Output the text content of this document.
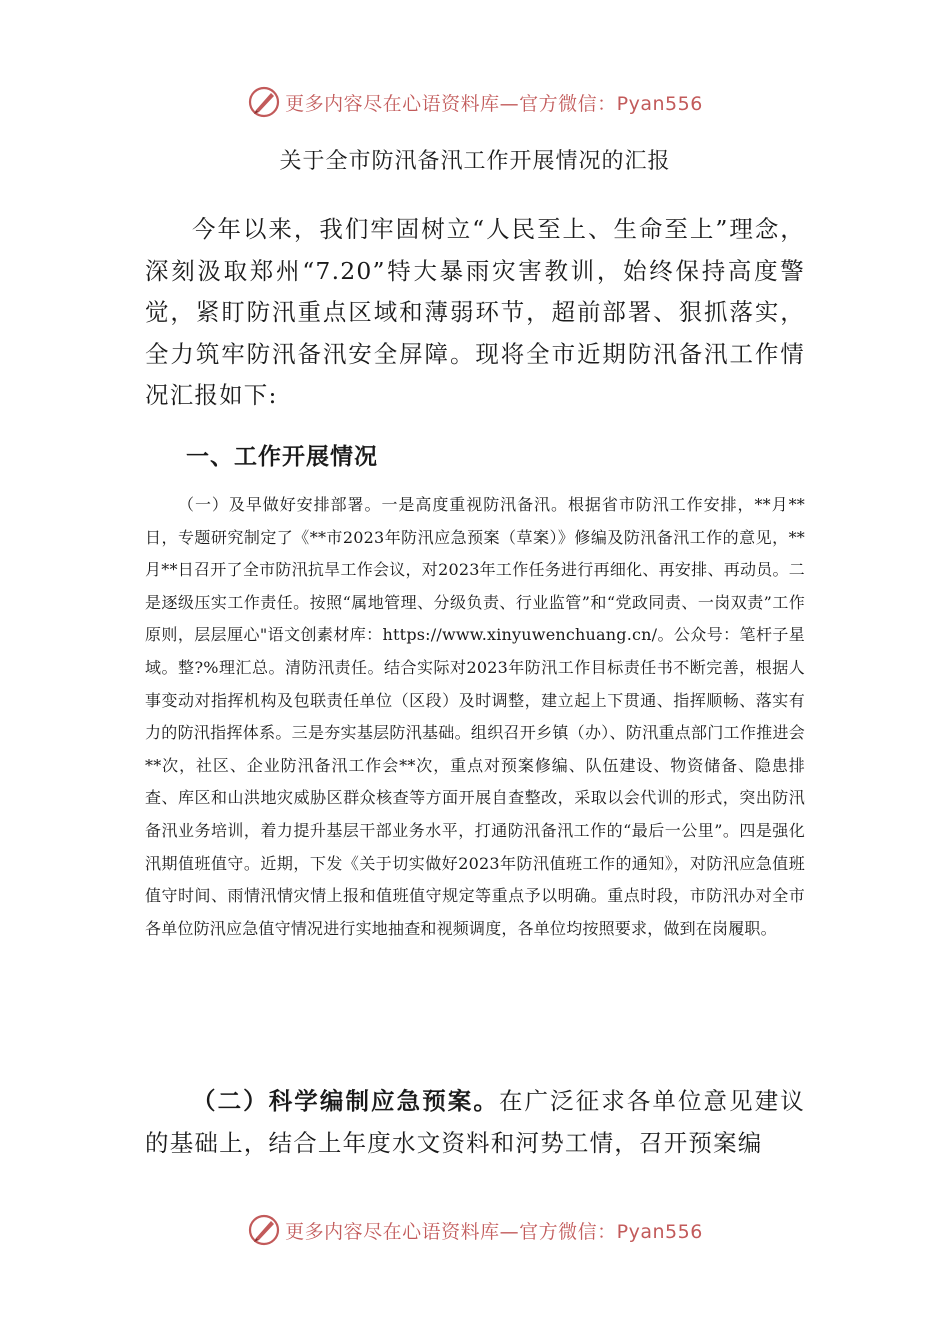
更多内容尽在心语资料库—官方微信：Pyan556
关于全市防汛备汛工作开展情况的汇报
今年以来，我们牢固树立“人民至上、生命至上”理念，深刻汲取郑州“7.20”特大暴雨灾害教训，始终保持高度警觉，紧盯防汛重点区域和薄弱环节，超前部署、狠抓落实，全力筑牢防汛备汛安全屏障。现将全市近期防汛备汛工作情况汇报如下:
一、工作开展情况
（一）及早做好安排部署。一是高度重视防汛备汛。根据省市防汛工作安排，**月**日，专题研究制定了《**市2023年防汛应急预案（草案）》修编及防汛备汛工作的意见，**月**日召开了全市防汛抗旱工作会议，对2023年工作任务进行再细化、再安排、再动员。二是逐级压实工作责任。按照“属地管理、分级负责、行业监管”和“党政同责、一岗双责”工作原则，层层厘心"语文创素材库：https://www.xinyuwenchuang.cn/。公众号：笔杆子星域。整?%理汇总。清防汛责任。结合实际对2023年防汛工作目标责任书不断完善，根据人事变动对指挥机构及包联责任单位（区段）及时调整，建立起上下贯通、指挥顺畅、落实有力的防汛指挥体系。三是夯实基层防汛基础。组织召开乡镇（办）、防汛重点部门工作推进会**次，社区、企业防汛备汛工作会**次，重点对预案修编、队伍建设、物资储备、隐患排查、库区和山洪地灾威胁区群众核查等方面开展自查整改，采取以会代训的形式，突出防汛备汛业务培训，着力提升基层干部业务水平，打通防汛备汛工作的“最后一公里”。四是强化汛期值班值守。近期，下发《关于切实做好2023年防汛值班工作的通知》，对防汛应急值班值守时间、雨情汛情灾情上报和值班值守规定等重点予以明确。重点时段，市防汛办对全市各单位防汛应急值守情况进行实地抽查和视频调度，各单位均按照要求，做到在岗履职。
（二）科学编制应急预案。在广泛征求各单位意见建议的基础上，结合上年度水文资料和河势工情，召开预案编
更多内容尽在心语资料库—官方微信：Pyan556
